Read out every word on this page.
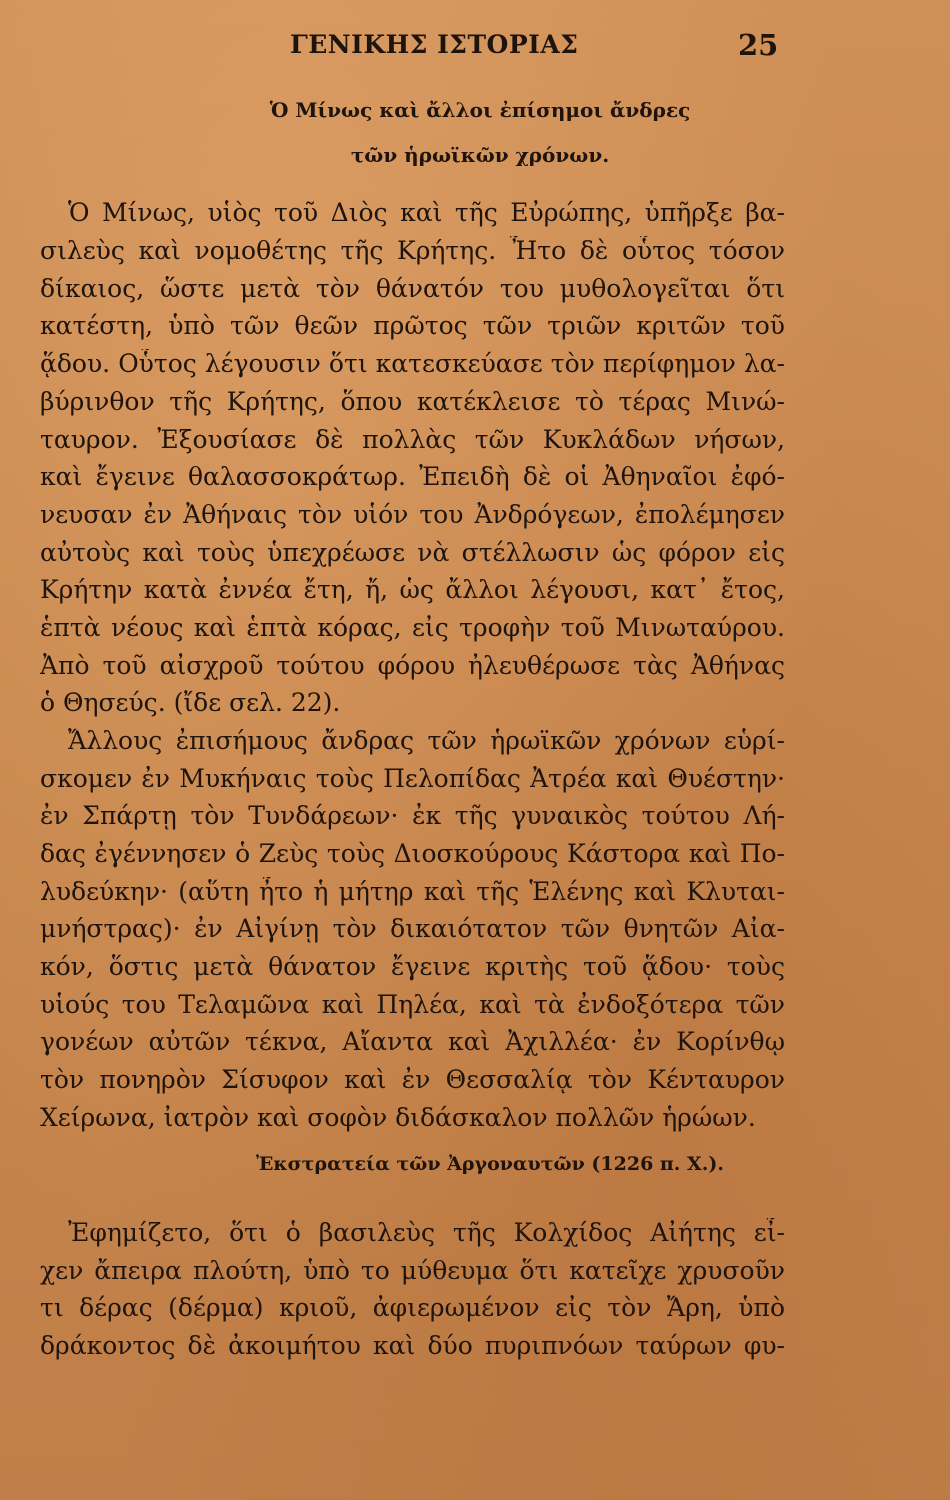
ΓΕΝΙΚΗΣ ΙΣΤΟΡΙΑΣ	25
Ὁ Μίνως καὶ ἄλλοι ἐπίσημοι ἄνδρες
τῶν ἡρωϊκῶν χρόνων.
Ὁ Μίνως, υἱὸς τοῦ Διὸς καὶ τῆς Εὐρώπης, ὑπῆρξε βα-
σιλεὺς καὶ νομοθέτης τῆς Κρήτης. Ἦτο δὲ οὗτος τόσον
δίκαιος, ὥστε μετὰ τὸν θάνατόν του μυθολογεῖται ὅτι
κατέστη, ὑπὸ τῶν θεῶν πρῶτος τῶν τριῶν κριτῶν τοῦ
ᾅδου. Οὗτος λέγουσιν ὅτι κατεσκεύασε τὸν περίφημον λα-
βύρινθον τῆς Κρήτης, ὅπου κατέκλεισε τὸ τέρας Μινώ-
ταυρον. Ἐξουσίασε δὲ πολλὰς τῶν Κυκλάδων νήσων,
καὶ ἔγεινε θαλασσοκράτωρ. Ἐπειδὴ δὲ οἱ Ἀθηναῖοι ἐφό-
νευσαν ἐν Ἀθήναις τὸν υἱόν του Ἀνδρόγεων, ἐπολέμησεν
αὐτοὺς καὶ τοὺς ὑπεχρέωσε νὰ στέλλωσιν ὡς φόρον εἰς
Κρήτην κατὰ ἐννέα ἔτη, ἤ, ὡς ἄλλοι λέγουσι, κατ᾽ ἔτος,
ἑπτὰ νέους καὶ ἑπτὰ κόρας, εἰς τροφὴν τοῦ Μινωταύρου.
Ἀπὸ τοῦ αἰσχροῦ τούτου φόρου ἠλευθέρωσε τὰς Ἀθήνας
ὁ Θησεύς. (ἴδε σελ. 22).
Ἄλλους ἐπισήμους ἄνδρας τῶν ἡρωϊκῶν χρόνων εὑρί-
σκομεν ἐν Μυκήναις τοὺς Πελοπίδας Ἀτρέα καὶ Θυέστην·
ἐν Σπάρτῃ τὸν Τυνδάρεων· ἐκ τῆς γυναικὸς τούτου Λή-
δας ἐγέννησεν ὁ Ζεὺς τοὺς Διοσκούρους Κάστορα καὶ Πο-
λυδεύκην· (αὕτη ἦτο ἡ μήτηρ καὶ τῆς Ἑλένης καὶ Κλυται-
μνήστρας)· ἐν Αἰγίνῃ τὸν δικαιότατον τῶν θνητῶν Αἰα-
κόν, ὅστις μετὰ θάνατον ἔγεινε κριτὴς τοῦ ᾅδου· τοὺς
υἱούς του Τελαμῶνα καὶ Πηλέα, καὶ τὰ ἐνδοξότερα τῶν
γονέων αὐτῶν τέκνα, Αἴαντα καὶ Ἀχιλλέα· ἐν Κορίνθῳ
τὸν πονηρὸν Σίσυφον καὶ ἐν Θεσσαλίᾳ τὸν Κένταυρον
Χείρωνα, ἰατρὸν καὶ σοφὸν διδάσκαλον πολλῶν ἡρώων.
Ἐκστρατεία τῶν Ἀργοναυτῶν (1226 π. Χ.).
Ἐφημίζετο, ὅτι ὁ βασιλεὺς τῆς Κολχίδος Αἰήτης εἶ-
χεν ἄπειρα πλούτη, ὑπὸ το μύθευμα ὅτι κατεῖχε χρυσοῦν
τι δέρας (δέρμα) κριοῦ, ἀφιερωμένον εἰς τὸν Ἄρη, ὑπὸ
δράκοντος δὲ ἀκοιμήτου καὶ δύο πυριπνόων ταύρων φυ-
